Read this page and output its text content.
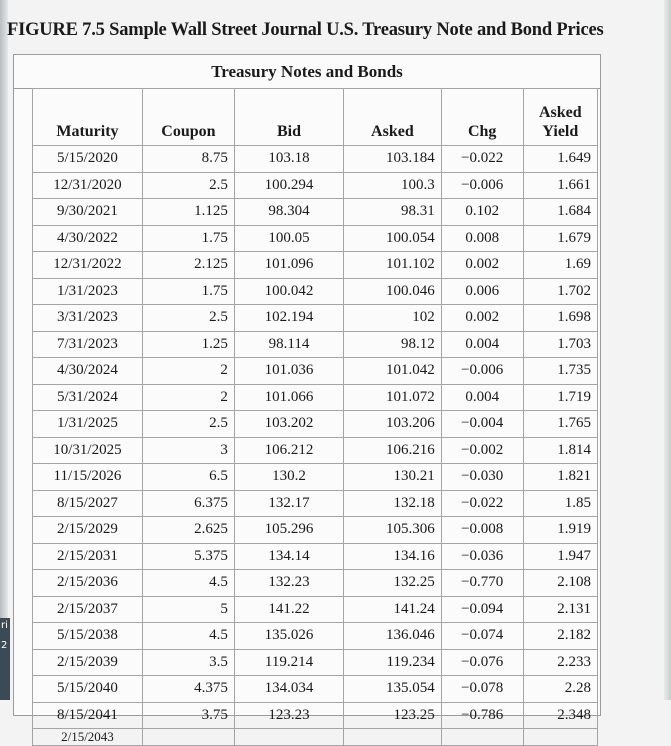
ri
2
FIGURE 7.5 Sample Wall Street Journal U.S. Treasury Note and Bond Prices
Treasury Notes and Bonds
Maturity	Coupon	Bid	Asked	Chg	Asked
Yield
5/15/2020	8.75	103.18	103.184	−0.022	1.649
12/31/2020	2.5	100.294	100.3	−0.006	1.661
9/30/2021	1.125	98.304	98.31	0.102	1.684
4/30/2022	1.75	100.05	100.054	0.008	1.679
12/31/2022	2.125	101.096	101.102	0.002	1.69
1/31/2023	1.75	100.042	100.046	0.006	1.702
3/31/2023	2.5	102.194	102	0.002	1.698
7/31/2023	1.25	98.114	98.12	0.004	1.703
4/30/2024	2	101.036	101.042	−0.006	1.735
5/31/2024	2	101.066	101.072	0.004	1.719
1/31/2025	2.5	103.202	103.206	−0.004	1.765
10/31/2025	3	106.212	106.216	−0.002	1.814
11/15/2026	6.5	130.2	130.21	−0.030	1.821
8/15/2027	6.375	132.17	132.18	−0.022	1.85
2/15/2029	2.625	105.296	105.306	−0.008	1.919
2/15/2031	5.375	134.14	134.16	−0.036	1.947
2/15/2036	4.5	132.23	132.25	−0.770	2.108
2/15/2037	5	141.22	141.24	−0.094	2.131
5/15/2038	4.5	135.026	136.046	−0.074	2.182
2/15/2039	3.5	119.214	119.234	−0.076	2.233
5/15/2040	4.375	134.034	135.054	−0.078	2.28
8/15/2041	3.75	123.23	123.25	−0.786	2.348
2/15/2043					
